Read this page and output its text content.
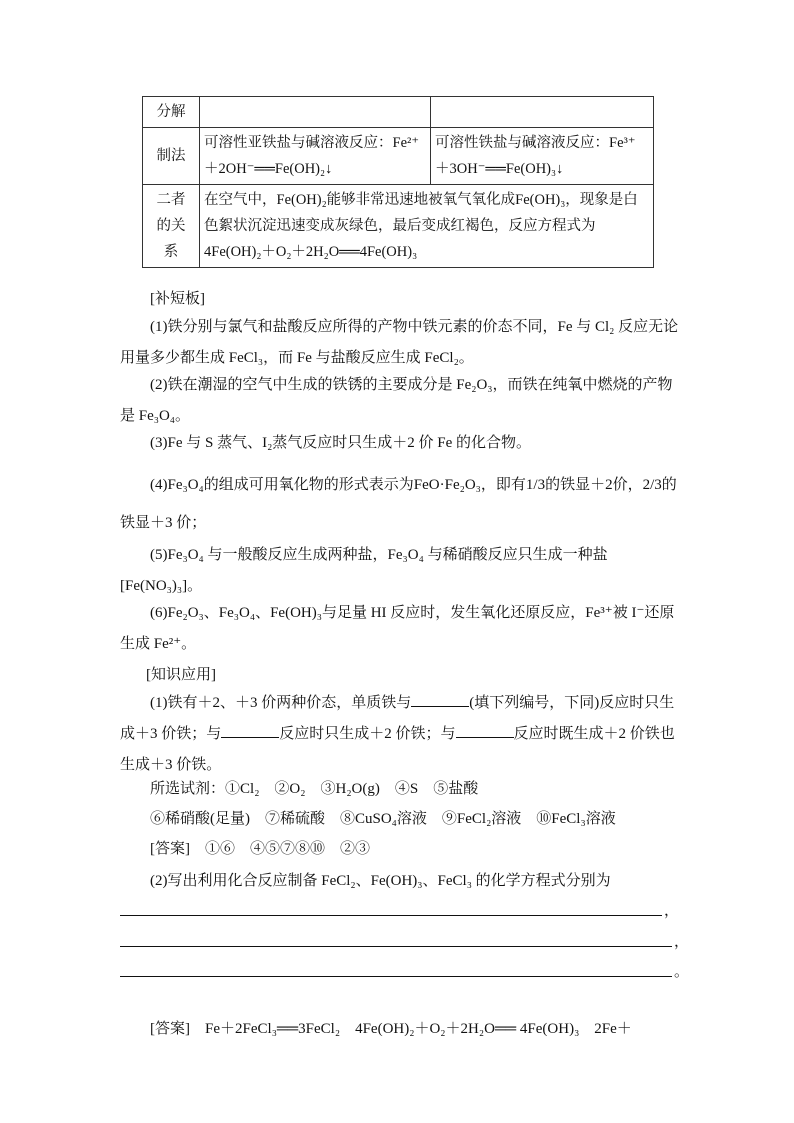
分解		
制法	可溶性亚铁盐与碱溶液反应：Fe²⁺＋2OH⁻══Fe(OH)₂↓	可溶性铁盐与碱溶液反应：Fe³⁺＋3OH⁻══Fe(OH)₃↓

二者
的关
系	在空气中，Fe(OH)₂能够非常迅速地被氧气氧化成Fe(OH)₃，现象是白色絮状沉淀迅速变成灰绿色，最后变成红褐色，反应方程式为 4Fe(OH)₂＋O₂＋2H₂O══4Fe(OH)₃	
[补短板]
(1)铁分别与氯气和盐酸反应所得的产物中铁元素的价态不同，Fe 与 Cl₂ 反应无论用量多少都生成 FeCl₃，而 Fe 与盐酸反应生成 FeCl₂。
(2)铁在潮湿的空气中生成的铁锈的主要成分是 Fe₂O₃，而铁在纯氧中燃烧的产物是 Fe₃O₄。
(3)Fe 与 S 蒸气、I₂蒸气反应时只生成＋2 价 Fe 的化合物。
(4)Fe₃O₄的组成可用氧化物的形式表示为FeO·Fe₂O₃，即有1/3的铁显＋2价，2/3的铁显＋3 价；
(5)Fe₃O₄ 与一般酸反应生成两种盐，Fe₃O₄ 与稀硝酸反应只生成一种盐[Fe(NO₃)₃]。
(6)Fe₂O₃、Fe₃O₄、Fe(OH)₃与足量 HI 反应时，发生氧化还原反应，Fe³⁺被 I⁻还原生成 Fe²⁺。
[知识应用]
(1)铁有＋2、＋3 价两种价态，单质铁与	(填下列编号，下同)反应时只生成＋3 价铁；与	反应时只生成＋2 价铁；与	反应时既生成＋2 价铁也生成＋3 价铁。
所选试剂：①Cl₂　②O₂　③H₂O(g)　④S　⑤盐酸
⑥稀硝酸(足量)　⑦稀硫酸　⑧CuSO₄溶液　⑨FeCl₂溶液　⑩FeCl₃溶液
[答案]　 ①⑥　④⑤⑦⑧⑩　②③
(2)写出利用化合反应制备 FeCl₂、Fe(OH)₃、FeCl₃ 的化学方程式分别为
，
，
。
[答案]　 Fe＋2FeCl₃══3FeCl₂　4Fe(OH)₂＋O₂＋2H₂O══ 4Fe(OH)₃　2Fe＋
